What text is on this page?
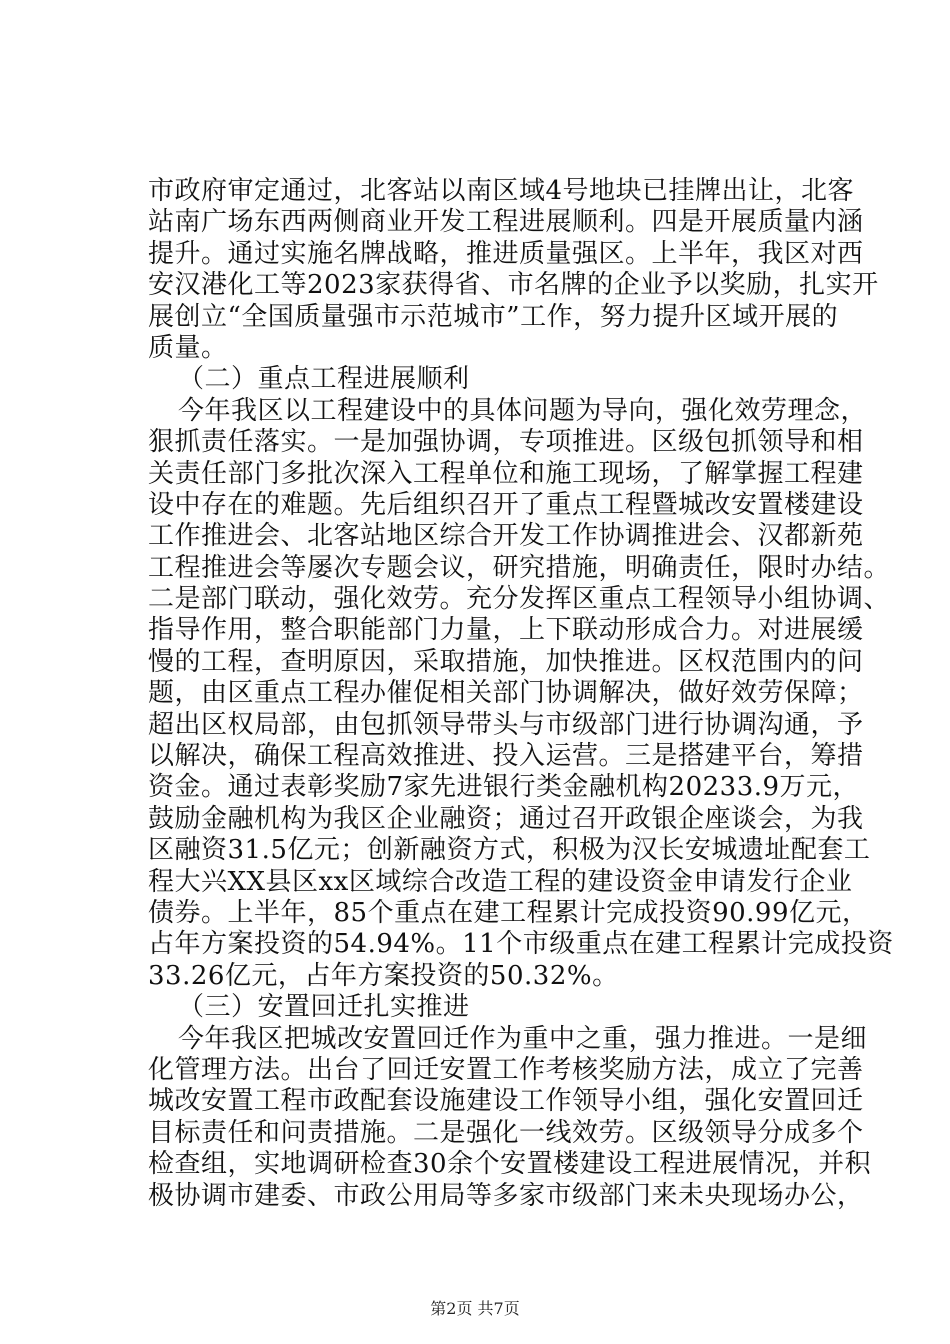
市政府审定通过，北客站以南区域4号地块已挂牌出让，北客
站南广场东西两侧商业开发工程进展顺利。四是开展质量内涵
提升。通过实施名牌战略，推进质量强区。上半年，我区对西
安汉港化工等2023家获得省、市名牌的企业予以奖励，扎实开
展创立“全国质量强市示范城市”工作，努力提升区域开展的
质量。
（二）重点工程进展顺利
今年我区以工程建设中的具体问题为导向，强化效劳理念，
狠抓责任落实。一是加强协调，专项推进。区级包抓领导和相
关责任部门多批次深入工程单位和施工现场，了解掌握工程建
设中存在的难题。先后组织召开了重点工程暨城改安置楼建设
工作推进会、北客站地区综合开发工作协调推进会、汉都新苑
工程推进会等屡次专题会议，研究措施，明确责任，限时办结。
二是部门联动，强化效劳。充分发挥区重点工程领导小组协调、
指导作用，整合职能部门力量，上下联动形成合力。对进展缓
慢的工程，查明原因，采取措施，加快推进。区权范围内的问
题，由区重点工程办催促相关部门协调解决，做好效劳保障；
超出区权局部，由包抓领导带头与市级部门进行协调沟通，予
以解决，确保工程高效推进、投入运营。三是搭建平台，筹措
资金。通过表彰奖励7家先进银行类金融机构20233.9万元，
鼓励金融机构为我区企业融资；通过召开政银企座谈会，为我
区融资31.5亿元；创新融资方式，积极为汉长安城遗址配套工
程大兴XX县区xx区域综合改造工程的建设资金申请发行企业
债券。上半年，85个重点在建工程累计完成投资90.99亿元，
占年方案投资的54.94%。11个市级重点在建工程累计完成投资
33.26亿元，占年方案投资的50.32%。
（三）安置回迁扎实推进
今年我区把城改安置回迁作为重中之重，强力推进。一是细
化管理方法。出台了回迁安置工作考核奖励方法，成立了完善
城改安置工程市政配套设施建设工作领导小组，强化安置回迁
目标责任和问责措施。二是强化一线效劳。区级领导分成多个
检查组，实地调研检查30余个安置楼建设工程进展情况，并积
极协调市建委、市政公用局等多家市级部门来未央现场办公，
第2页 共7页
